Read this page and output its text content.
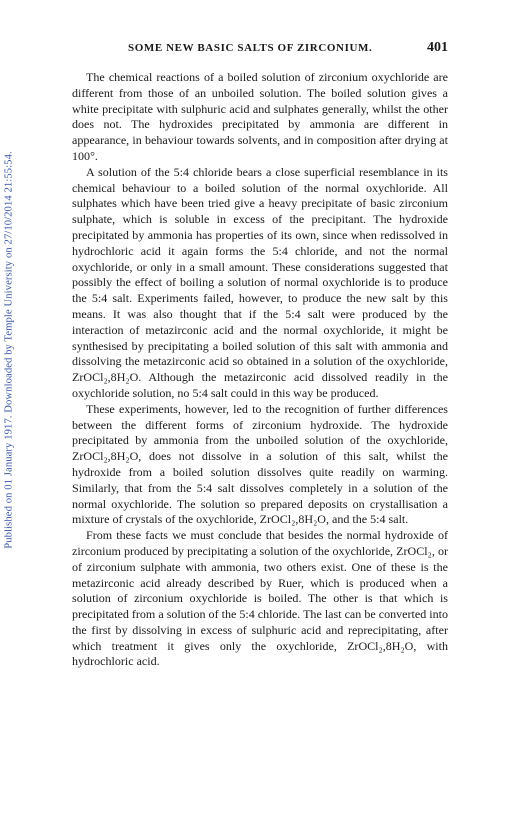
Published on 01 January 1917. Downloaded by Temple University on 27/10/2014 21:55:54.
SOME NEW BASIC SALTS OF ZIRCONIUM.	401

The chemical reactions of a boiled solution of zirconium oxychloride are different from those of an unboiled solution. The boiled solution gives a white precipitate with sulphuric acid and sulphates generally, whilst the other does not. The hydroxides precipitated by ammonia are different in appearance, in behaviour towards solvents, and in composition after drying at 100°.

A solution of the 5:4 chloride bears a close superficial resemblance in its chemical behaviour to a boiled solution of the normal oxychloride. All sulphates which have been tried give a heavy precipitate of basic zirconium sulphate, which is soluble in excess of the precipitant. The hydroxide precipitated by ammonia has properties of its own, since when redissolved in hydrochloric acid it again forms the 5:4 chloride, and not the normal oxychloride, or only in a small amount. These considerations suggested that possibly the effect of boiling a solution of normal oxychloride is to produce the 5:4 salt. Experiments failed, however, to produce the new salt by this means. It was also thought that if the 5:4 salt were produced by the interaction of metazirconic acid and the normal oxychloride, it might be synthesised by precipitating a boiled solution of this salt with ammonia and dissolving the metazirconic acid so obtained in a solution of the oxychloride, ZrOCl₂,8H₂O. Although the metazirconic acid dissolved readily in the oxychloride solution, no 5:4 salt could in this way be produced.

These experiments, however, led to the recognition of further differences between the different forms of zirconium hydroxide. The hydroxide precipitated by ammonia from the unboiled solution of the oxychloride, ZrOCl₂,8H₂O, does not dissolve in a solution of this salt, whilst the hydroxide from a boiled solution dissolves quite readily on warming. Similarly, that from the 5:4 salt dissolves completely in a solution of the normal oxychloride. The solution so prepared deposits on crystallisation a mixture of crystals of the oxychloride, ZrOCl₂,8H₂O, and the 5:4 salt.

From these facts we must conclude that besides the normal hydroxide of zirconium produced by precipitating a solution of the oxychloride, ZrOCl₂, or of zirconium sulphate with ammonia, two others exist. One of these is the metazirconic acid already described by Ruer, which is produced when a solution of zirconium oxychloride is boiled. The other is that which is precipitated from a solution of the 5:4 chloride. The last can be converted into the first by dissolving in excess of sulphuric acid and reprecipitating, after which treatment it gives only the oxychloride, ZrOCl₂,8H₂O, with hydrochloric acid.
